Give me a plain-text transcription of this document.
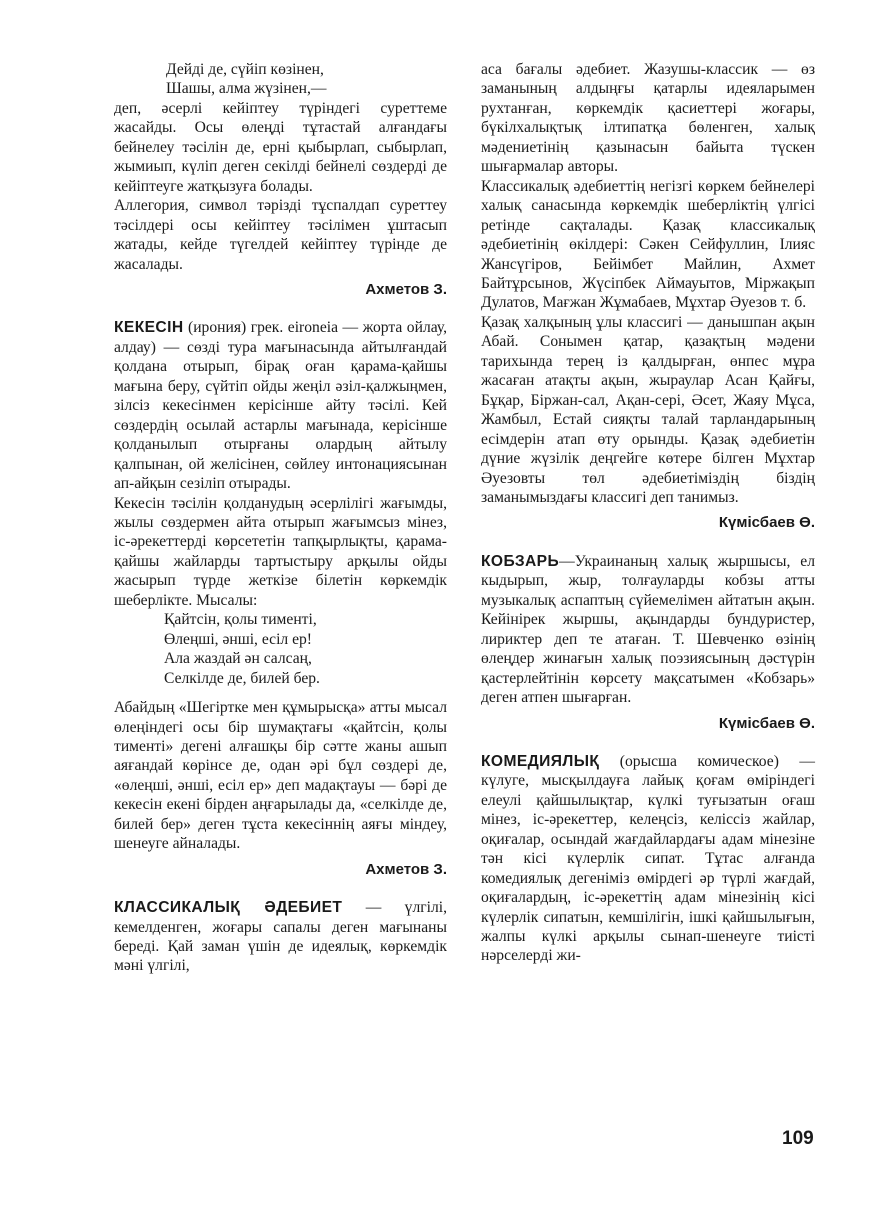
Дейді де, сүйіп көзінен,
Шашы, алма жүзінен,—

деп, әсерлі кейіптеу түріндегі суреттеме жасайды. Осы өлеңді тұтастай алғандағы бейнелеу тәсілін де, ерні қыбырлап, сыбырлап, жымиып, күліп деген секілді бейнелі сөздерді де кейіптеуге жатқызуға болады.

Аллегория, символ тәрізді тұспалдап суреттеу тәсілдері осы кейіптеу тәсілімен ұштасып жатады, кейде түгелдей кейіптеу түрінде де жасалады.

Ахметов З.

КЕКЕСІН (ирония) грек. eironeia — жорта ойлау, алдау) — сөзді тура мағынасында айтылғандай қолдана отырып, бірақ оған қарама-қайшы мағына беру, сүйтіп ойды жеңіл әзіл-қалжыңмен, зілсіз кекесінмен керісінше айту тәсілі. Кей сөздердің осылай астарлы мағынада, керісінше қолданылып отырғаны олардың айтылу қалпынан, ой желісінен, сөйлеу интонациясынан ап-айқын сезіліп отырады.

Кекесін тәсілін қолданудың әсерлілігі жағымды, жылы сөздермен айта отырып жағымсыз мінез, іс-әрекеттерді көрсететін тапқырлықты, қарама-қайшы жайларды тартыстыру арқылы ойды жасырып түрде жеткізе білетін көркемдік шеберлікте. Мысалы:

Қайтсін, қолы тиментi,
Өлеңші, әнші, есіл ер!
Ала жаздай ән салсаң,
Селкілде де, билей бер.

Абайдың «Шегіртке мен құмырысқа» атты мысал өлеңіндегі осы бір шумақтағы «қайтсін, қолы тиментi» дегені алғашқы бір сәтте жаны ашып аяғандай көрінсе де, одан әрі бұл сөздері де, «өлеңші, әнші, есіл ер» деп мадақтауы — бәрі де кекесін екені бірден аңғарылады да, «селкілде де, билей бер» деген тұста кекесіннің аяғы міндеу, шенеуге айналады.

Ахметов З.

КЛАССИКАЛЫҚ ӘДЕБИЕТ — үлгілі, кемелденген, жоғары сапалы деген мағынаны береді. Қай заман үшін де идеялық, көркемдік мәні үлгілі,

аса бағалы әдебиет. Жазушы-классик — өз заманының алдыңғы қатарлы идеяларымен рухтанған, көркемдік қасиеттері жоғары, бүкілхалықтық ілтипатқа бөленген, халық мәдениетінің қазынасын байыта түскен шығармалар авторы.

Классикалық әдебиеттің негізгі көркем бейнелері халық санасында көркемдік шеберліктің үлгісі ретінде сақталады. Қазақ классикалық әдебиетінің өкілдері: Сәкен Сейфуллин, Ілияс Жансүгіров, Бейімбет Майлин, Ахмет Байтұрсынов, Жүсіпбек Аймауытов, Міржақып Дулатов, Мағжан Жұмабаев, Мұхтар Әуезов т. б.

Қазақ халқының ұлы классигі — данышпан ақын Абай. Сонымен қатар, қазақтың мәдени тарихында терең із қалдырған, өнпес мұра жасаған атақты ақын, жыраулар Асан Қайғы, Бұқар, Біржан-сал, Ақан-сері, Әсет, Жаяу Мұса, Жамбыл, Естай сияқты талай тарландарының есімдерін атап өту орынды. Қазақ әдебиетін дүние жүзілік деңгейге көтере білген Мұхтар Әуезовты төл әдебиетіміздің біздің заманымыздағы классигі деп танимыз.

Күмісбаев Ө.

КОБЗАРЬ—Украинаның халық жыршысы, ел кыдырып, жыр, толғауларды кобзы атты музыкалық аспаптың сүйемелімен айтатын ақын. Кейінірек жыршы, ақындарды бундуристер, лириктер деп те атаған. Т. Шевченко өзінің өлеңдер жинағын халық поэзиясының дәстүрін қастерлейтінін көрсету мақсатымен «Кобзарь» деген атпен шығарған.

Күмісбаев Ө.

КОМЕДИЯЛЫҚ (орысша комическое) — күлуге, мысқылдауға лайық қоғам өміріндегі елеулі қайшылықтар, күлкі туғызатын оғаш мінез, іс-әрекеттер, келеңсіз, келіссіз жайлар, оқиғалар, осындай жағдайлардағы адам мінезіне тән кісі күлерлік сипат. Тұтас алғанда комедиялық дегеніміз өмірдегі әр түрлі жағдай, оқиғалардың, іс-әрекеттің адам мінезінің кісі күлерлік сипатын, кемшілігін, ішкі қайшылығын, жалпы күлкі арқылы сынап-шенеуге тиісті нәрселерді жи-

109
